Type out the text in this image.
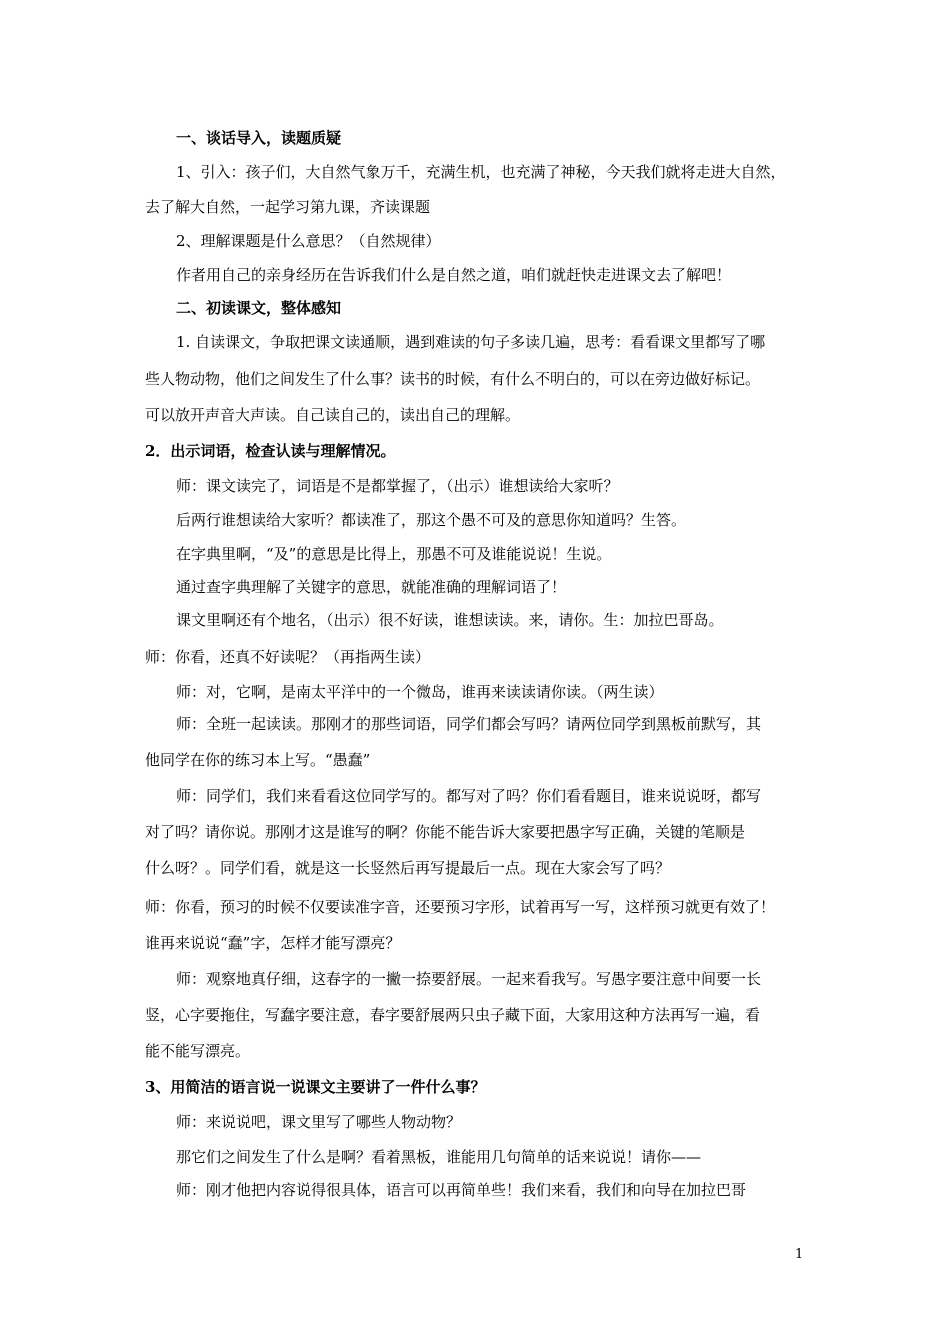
一、谈话导入，读题质疑
1、引入：孩子们，大自然气象万千，充满生机，也充满了神秘，今天我们就将走进大自然，
去了解大自然，一起学习第九课，齐读课题
2、理解课题是什么意思？（自然规律）
作者用自己的亲身经历在告诉我们什么是自然之道，咱们就赶快走进课文去了解吧！
二、初读课文，整体感知
1. 自读课文，争取把课文读通顺，遇到难读的句子多读几遍，思考：看看课文里都写了哪
些人物动物，他们之间发生了什么事？读书的时候，有什么不明白的，可以在旁边做好标记。
可以放开声音大声读。自己读自己的，读出自己的理解。
2．出示词语，检查认读与理解情况。
师：课文读完了，词语是不是都掌握了，（出示）谁想读给大家听？
后两行谁想读给大家听？都读准了，那这个愚不可及的意思你知道吗？生答。
在字典里啊，“及”的意思是比得上，那愚不可及谁能说说！生说。
通过查字典理解了关键字的意思，就能准确的理解词语了！
课文里啊还有个地名，（出示）很不好读，谁想读读。来，请你。生：加拉巴哥岛。
师：你看，还真不好读呢？（再指两生读）
师：对，它啊，是南太平洋中的一个微岛，谁再来读读请你读。（两生读）
师：全班一起读读。那刚才的那些词语，同学们都会写吗？请两位同学到黑板前默写，其
他同学在你的练习本上写。“愚蠢”
师：同学们，我们来看看这位同学写的。都写对了吗？你们看看题目，谁来说说呀，都写
对了吗？请你说。那刚才这是谁写的啊？你能不能告诉大家要把愚字写正确，关键的笔顺是
什么呀？。同学们看，就是这一长竖然后再写提最后一点。现在大家会写了吗？
师：你看，预习的时候不仅要读准字音，还要预习字形，试着再写一写，这样预习就更有效了！
谁再来说说“蠢”字，怎样才能写漂亮？
师：观察地真仔细，这春字的一撇一捺要舒展。一起来看我写。写愚字要注意中间要一长
竖，心字要拖住，写蠢字要注意，春字要舒展两只虫子藏下面，大家用这种方法再写一遍，看
能不能写漂亮。
3、用简洁的语言说一说课文主要讲了一件什么事？
师：来说说吧，课文里写了哪些人物动物？
那它们之间发生了什么是啊？看着黑板，谁能用几句简单的话来说说！请你——
师：刚才他把内容说得很具体，语言可以再简单些！我们来看，我们和向导在加拉巴哥
1
